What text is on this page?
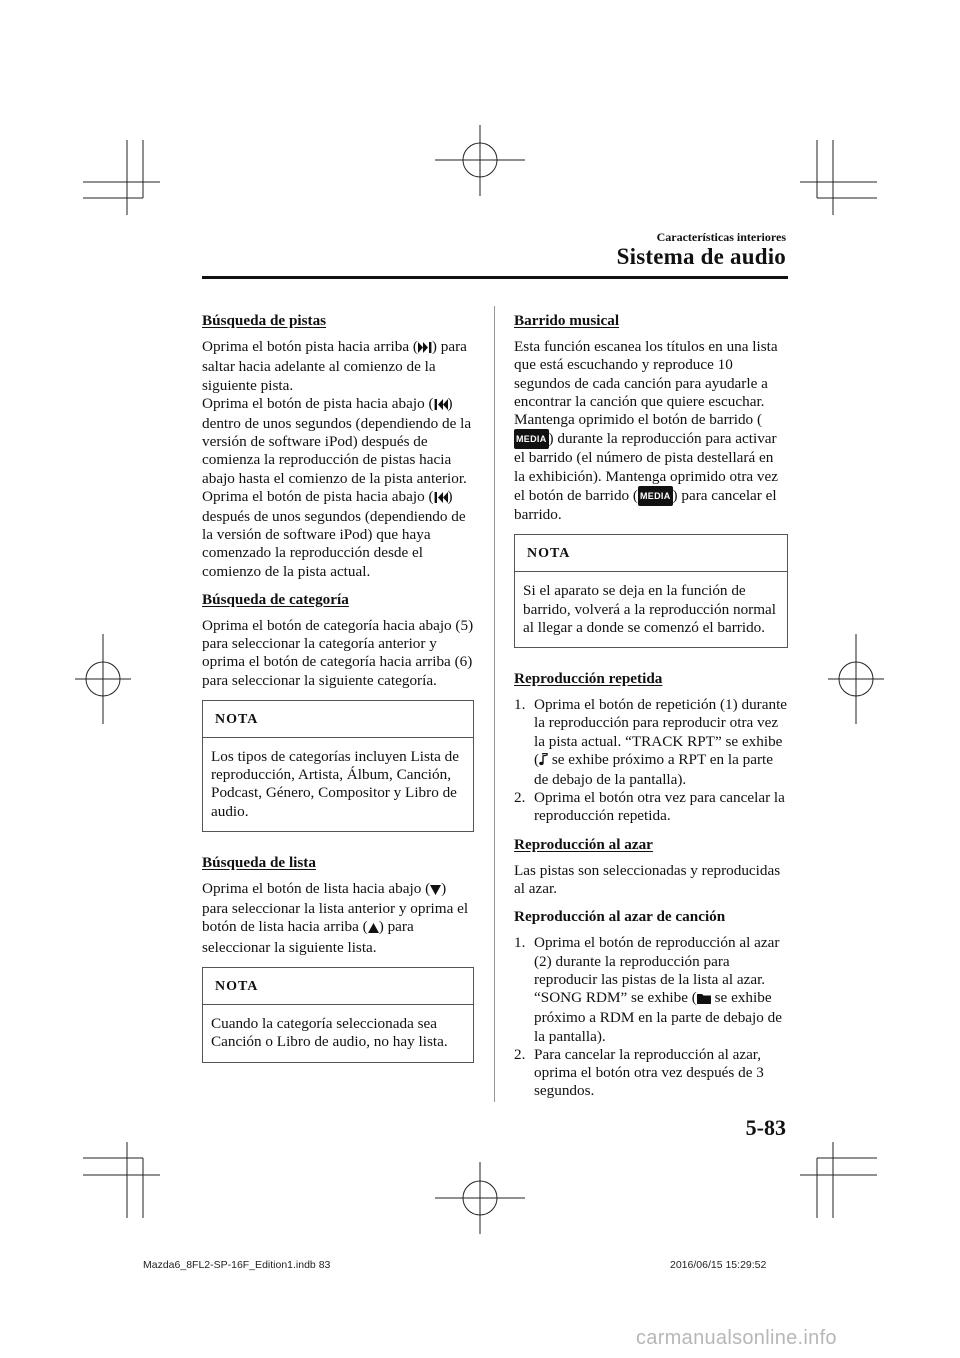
Características interiores
Sistema de audio
Búsqueda de pistas

Oprima el botón pista hacia arriba ( ) para saltar hacia adelante al comienzo de la siguiente pista.
Oprima el botón de pista hacia abajo ( ) dentro de unos segundos (dependiendo de la versión de software iPod) después de comienza la reproducción de pistas hacia abajo hasta el comienzo de la pista anterior.
Oprima el botón de pista hacia abajo ( ) después de unos segundos (dependiendo de la versión de software iPod) que haya comenzado la reproducción desde el comienzo de la pista actual.

Búsqueda de categoría

Oprima el botón de categoría hacia abajo (5) para seleccionar la categoría anterior y oprima el botón de categoría hacia arriba (6) para seleccionar la siguiente categoría.

NOTA
Los tipos de categorías incluyen Lista de reproducción, Artista, Álbum, Canción, Podcast, Género, Compositor y Libro de audio.
Búsqueda de lista

Oprima el botón de lista hacia abajo ( ) para seleccionar la lista anterior y oprima el botón de lista hacia arriba ( ) para seleccionar la siguiente lista.

NOTA
Cuando la categoría seleccionada sea Canción o Libro de audio, no hay lista.
Barrido musical

Esta función escanea los títulos en una lista que está escuchando y reproduce 10 segundos de cada canción para ayudarle a encontrar la canción que quiere escuchar. Mantenga oprimido el botón de barrido (MEDIA ) durante la reproducción para activar el barrido (el número de pista destellará en la exhibición). Mantenga oprimido otra vez el botón de barrido ( MEDIA ) para cancelar el barrido.

NOTA
Si el aparato se deja en la función de barrido, volverá a la reproducción normal al llegar a donde se comenzó el barrido.
Reproducción repetida
1. Oprima el botón de repetición (1) durante la reproducción para reproducir otra vez la pista actual. “TRACK RPT” se exhibe ( se exhibe próximo a RPT en la parte de debajo de la pantalla).
2. Oprima el botón otra vez para cancelar la reproducción repetida.
Reproducción al azar

Las pistas son seleccionadas y reproducidas al azar.

Reproducción al azar de canción
1. Oprima el botón de reproducción al azar (2) durante la reproducción para reproducir las pistas de la lista al azar. “SONG RDM” se exhibe ( se exhibe próximo a RDM en la parte de debajo de la pantalla).
2. Para cancelar la reproducción al azar, oprima el botón otra vez después de 3 segundos.
5-83
Mazda6_8FL2-SP-16F_Edition1.indb 83	2016/06/15 15:29:52
carmanualsonline.info
